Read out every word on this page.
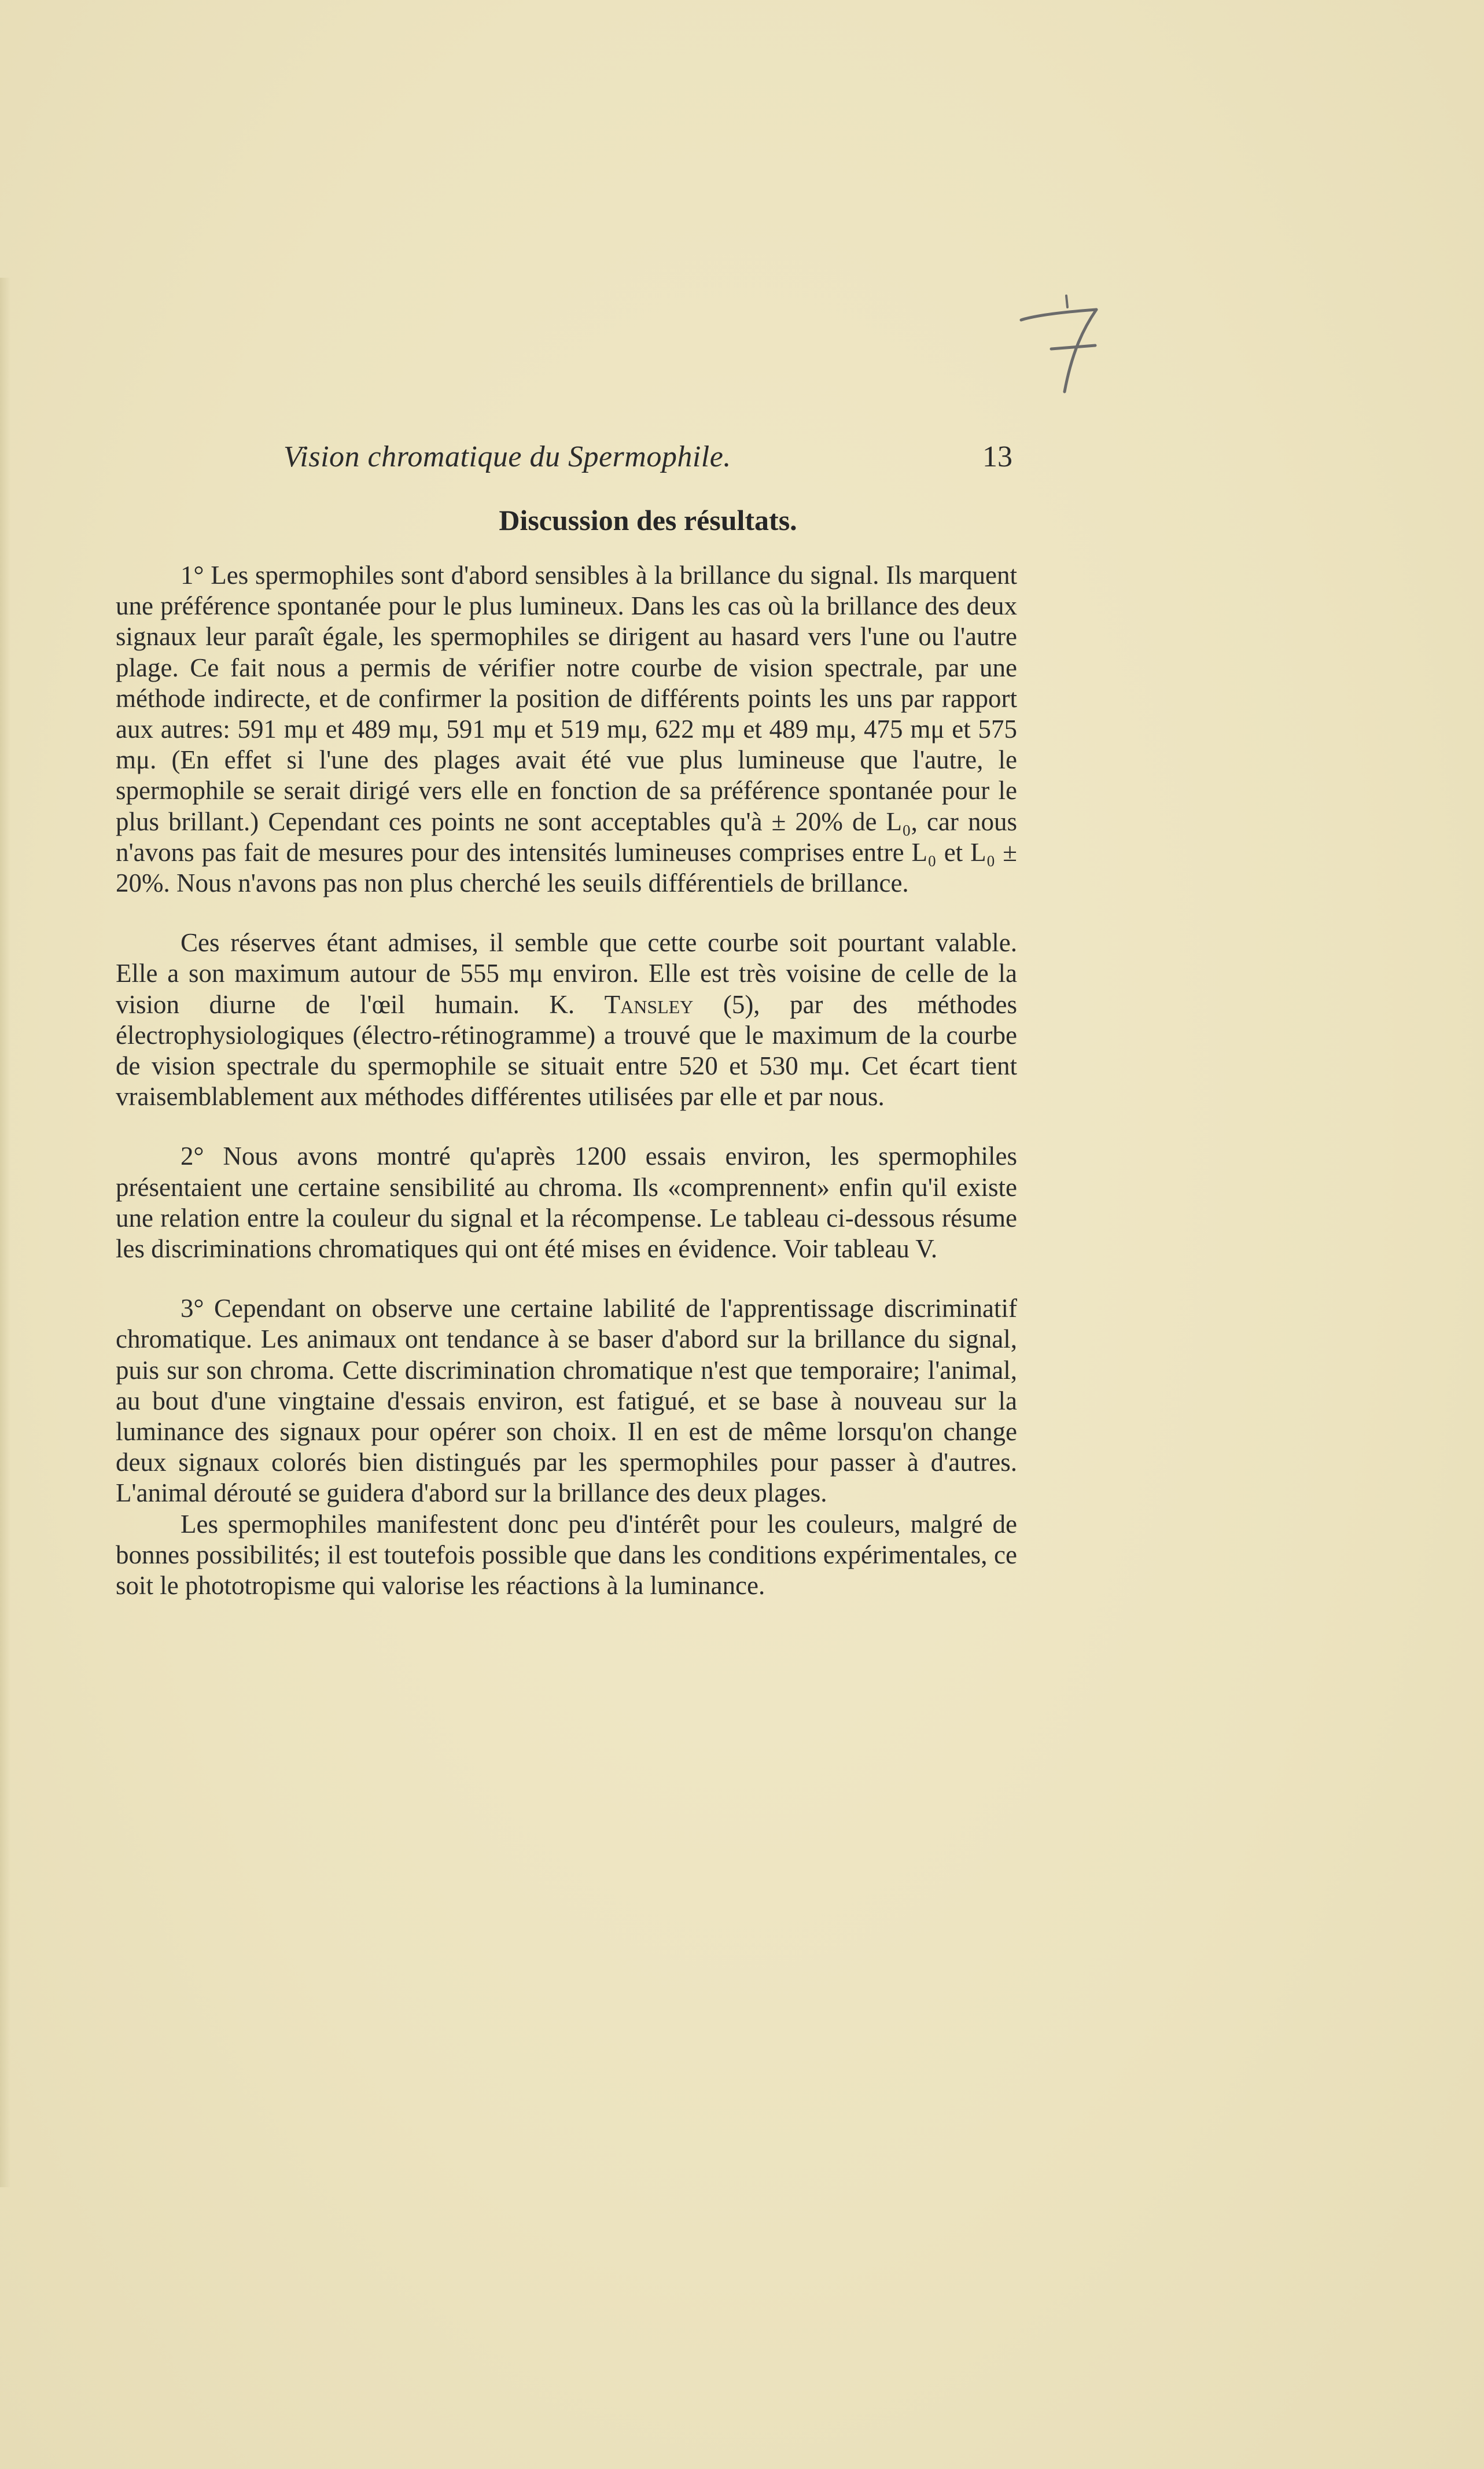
Vision chromatique du Spermophile.	13
Discussion des résultats.

1° Les spermophiles sont d'abord sensibles à la brillance du signal. Ils marquent une préférence spontanée pour le plus lumineux. Dans les cas où la brillance des deux signaux leur paraît égale, les spermophiles se dirigent au hasard vers l'une ou l'autre plage. Ce fait nous a permis de vérifier notre courbe de vision spectrale, par une méthode indirecte, et de confirmer la position de différents points les uns par rapport aux autres: 591 mμ et 489 mμ, 591 mμ et 519 mμ, 622 mμ et 489 mμ, 475 mμ et 575 mμ. (En effet si l'une des plages avait été vue plus lumineuse que l'autre, le spermophile se serait dirigé vers elle en fonction de sa préférence spontanée pour le plus brillant.) Cependant ces points ne sont acceptables qu'à ± 20% de L₀, car nous n'avons pas fait de mesures pour des intensités lumineuses comprises entre L₀ et L₀ ± 20%. Nous n'avons pas non plus cherché les seuils différentiels de brillance.

Ces réserves étant admises, il semble que cette courbe soit pourtant valable. Elle a son maximum autour de 555 mμ environ. Elle est très voisine de celle de la vision diurne de l'œil humain. K. Tansley (5), par des méthodes électrophysiologiques (électro-rétinogramme) a trouvé que le maximum de la courbe de vision spectrale du spermophile se situait entre 520 et 530 mμ. Cet écart tient vraisemblablement aux méthodes différentes utilisées par elle et par nous.

2° Nous avons montré qu'après 1200 essais environ, les spermophiles présentaient une certaine sensibilité au chroma. Ils «comprennent» enfin qu'il existe une relation entre la couleur du signal et la récompense. Le tableau ci-dessous résume les discriminations chromatiques qui ont été mises en évidence. Voir tableau V.

3° Cependant on observe une certaine labilité de l'apprentissage discriminatif chromatique. Les animaux ont tendance à se baser d'abord sur la brillance du signal, puis sur son chroma. Cette discrimination chromatique n'est que temporaire; l'animal, au bout d'une vingtaine d'essais environ, est fatigué, et se base à nouveau sur la luminance des signaux pour opérer son choix. Il en est de même lorsqu'on change deux signaux colorés bien distingués par les spermophiles pour passer à d'autres. L'animal dérouté se guidera d'abord sur la brillance des deux plages.

Les spermophiles manifestent donc peu d'intérêt pour les couleurs, malgré de bonnes possibilités; il est toutefois possible que dans les conditions expérimentales, ce soit le phototropisme qui valorise les réactions à la luminance.
